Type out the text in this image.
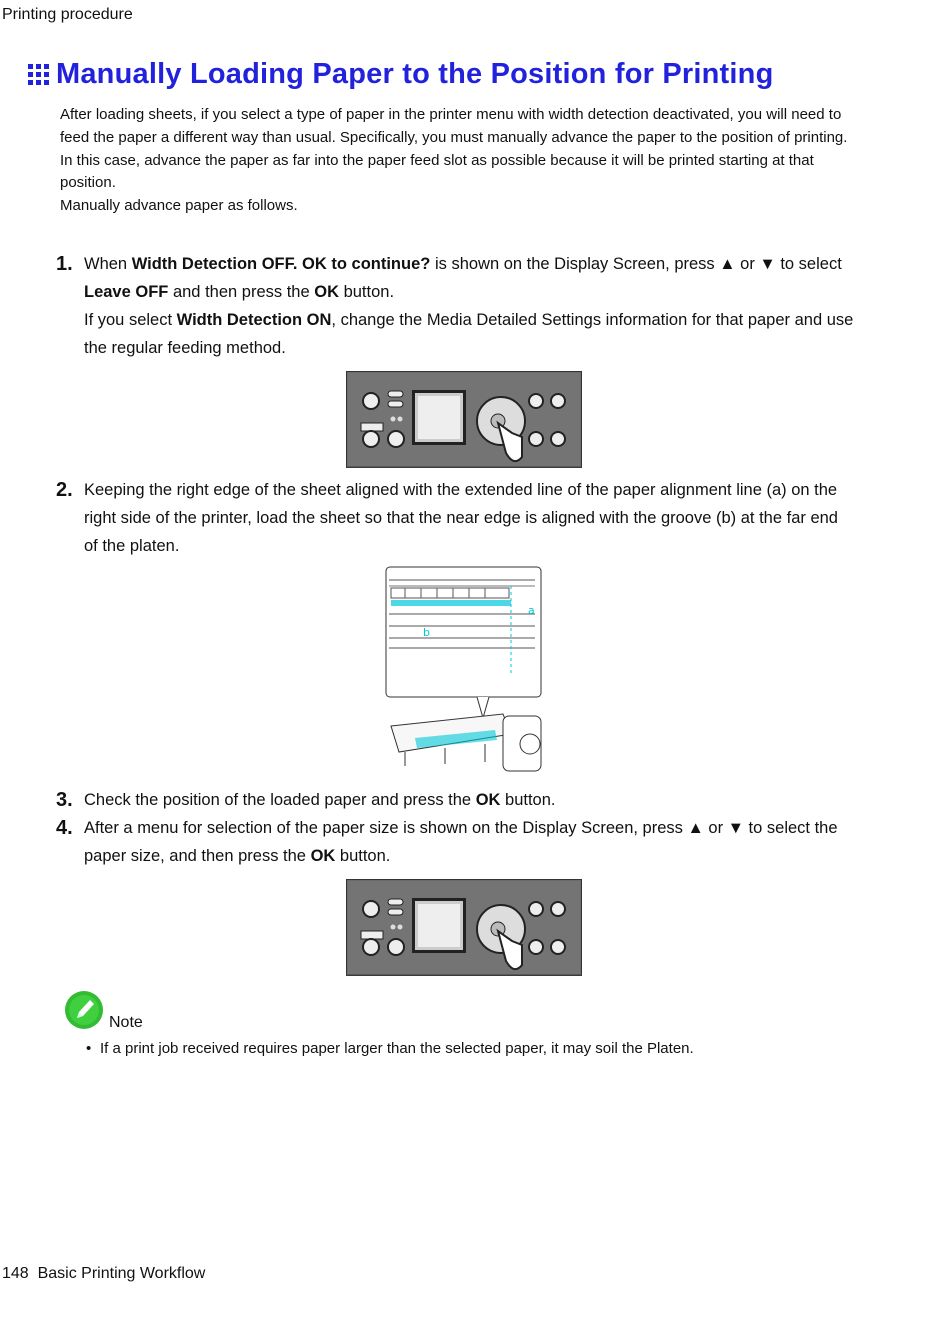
Printing procedure
Manually Loading Paper to the Position for Printing

After loading sheets, if you select a type of paper in the printer menu with width detection deactivated, you will need to feed the paper a different way than usual. Specifically, you must manually advance the paper to the position of printing.

In this case, advance the paper as far into the paper feed slot as possible because it will be printed starting at that position.

Manually advance paper as follows.

1. When Width Detection OFF. OK to continue? is shown on the Display Screen, press ▲ or ▼ to select Leave OFF and then press the OK button.

If you select Width Detection ON, change the Media Detailed Settings information for that paper and use the regular feeding method.

2. Keeping the right edge of the sheet aligned with the extended line of the paper alignment line (a) on the right side of the printer, load the sheet so that the near edge is aligned with the groove (b) at the far end of the platen.

a
b
3. Check the position of the loaded paper and press the OK button.

4. After a menu for selection of the paper size is shown on the Display Screen, press ▲ or ▼ to select the paper size, and then press the OK button.

Note
• If a print job received requires paper larger than the selected paper, it may soil the Platen.
148 Basic Printing Workflow
